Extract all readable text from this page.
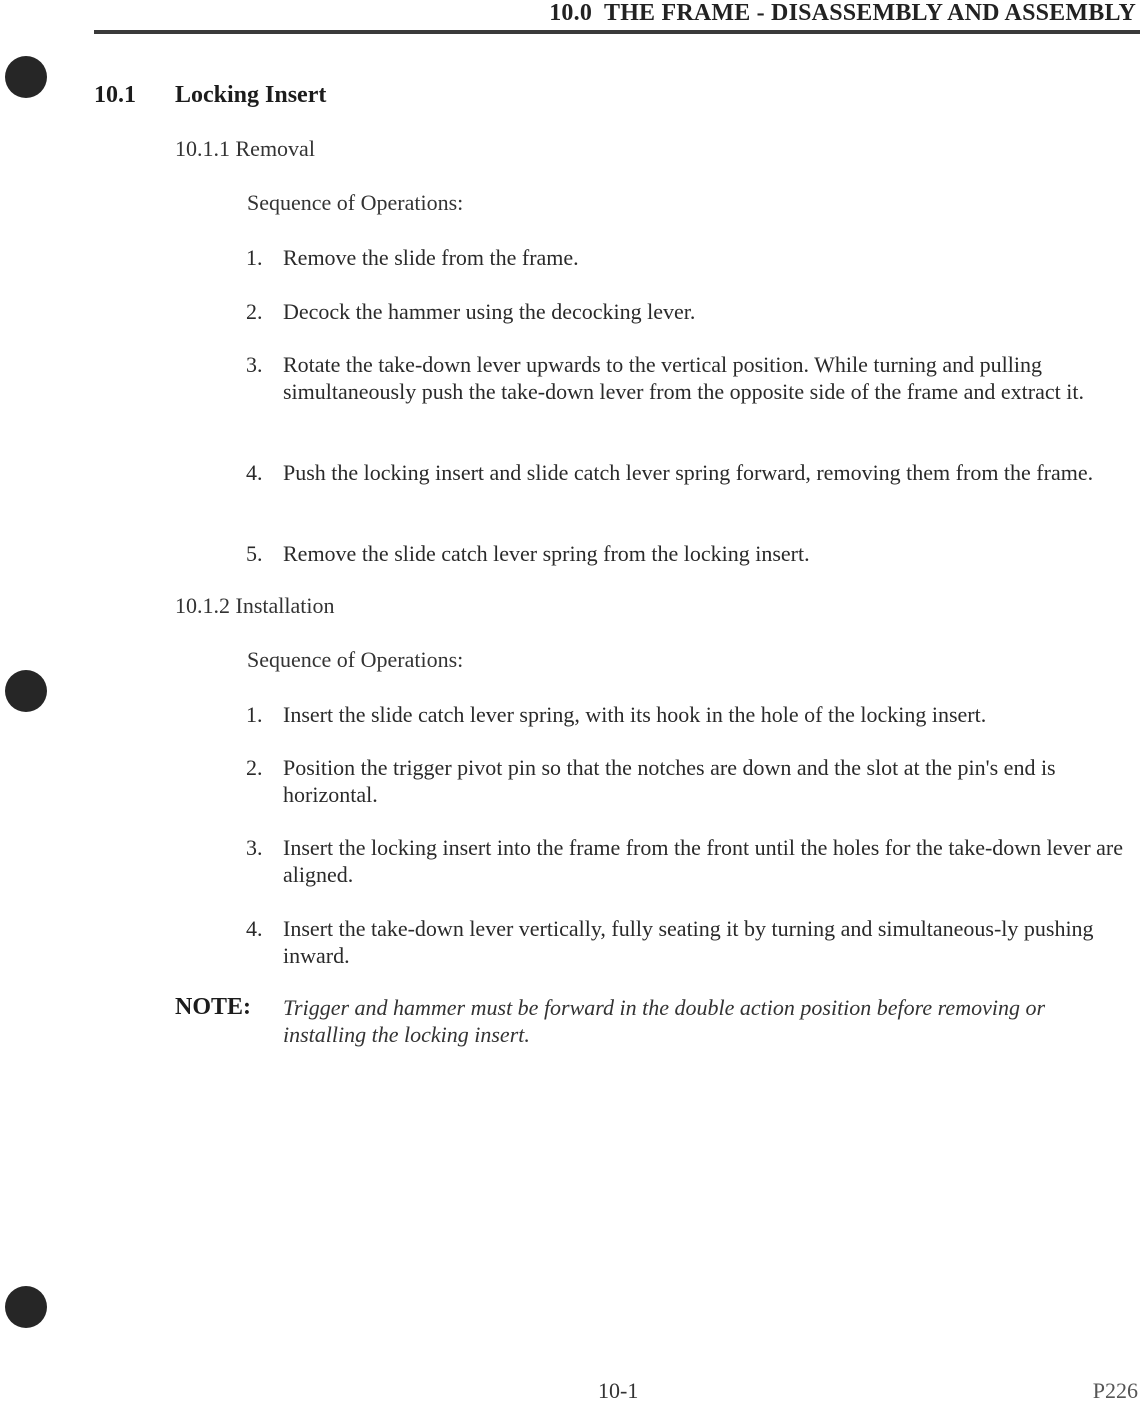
10.0  THE FRAME - DISASSEMBLY AND ASSEMBLY
10.1 Locking Insert
10.1.1 Removal
Sequence of Operations:
1. Remove the slide from the frame.
2. Decock the hammer using the decocking lever.
3. Rotate the take-down lever upwards to the vertical position. While turning and pulling simultaneously push the take-down lever from the opposite side of the frame and extract it.
4. Push the locking insert and slide catch lever spring forward, removing them from the frame.
5. Remove the slide catch lever spring from the locking insert.
10.1.2 Installation
Sequence of Operations:
1. Insert the slide catch lever spring, with its hook in the hole of the locking insert.
2. Position the trigger pivot pin so that the notches are down and the slot at the pin's end is horizontal.
3. Insert the locking insert into the frame from the front until the holes for the take-down lever are aligned.
4. Insert the take-down lever vertically, fully seating it by turning and simultaneous-ly pushing inward.
NOTE: Trigger and hammer must be forward in the double action position before removing or installing the locking insert.
10-1	P226
